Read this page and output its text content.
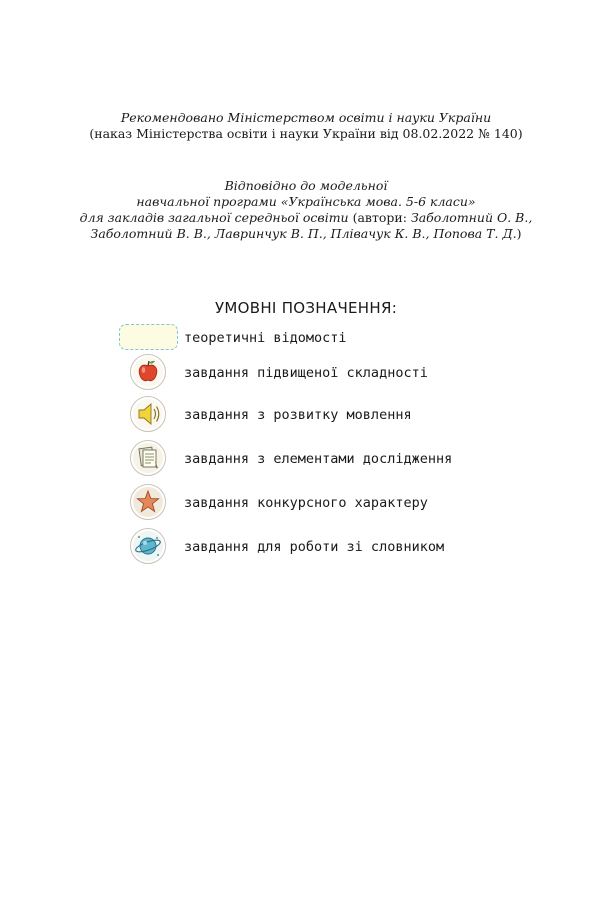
Рекомендовано Міністерством освіти і науки України
(наказ Міністерства освіти і науки України від 08.02.2022 № 140)
Відповідно до модельної
навчальної програми «Українська мова. 5-6 класи»
для закладів загальної середньої освіти (автори: Заболотний О. В.,
Заболотний В. В., Лавринчук В. П., Плівачук К. В., Попова Т. Д.)
УМОВНІ ПОЗНАЧЕННЯ:
теоретичні відомості
завдання підвищеної складності
завдання з розвитку мовлення
завдання з елементами дослідження
завдання конкурсного характеру
завдання для роботи зі словником
